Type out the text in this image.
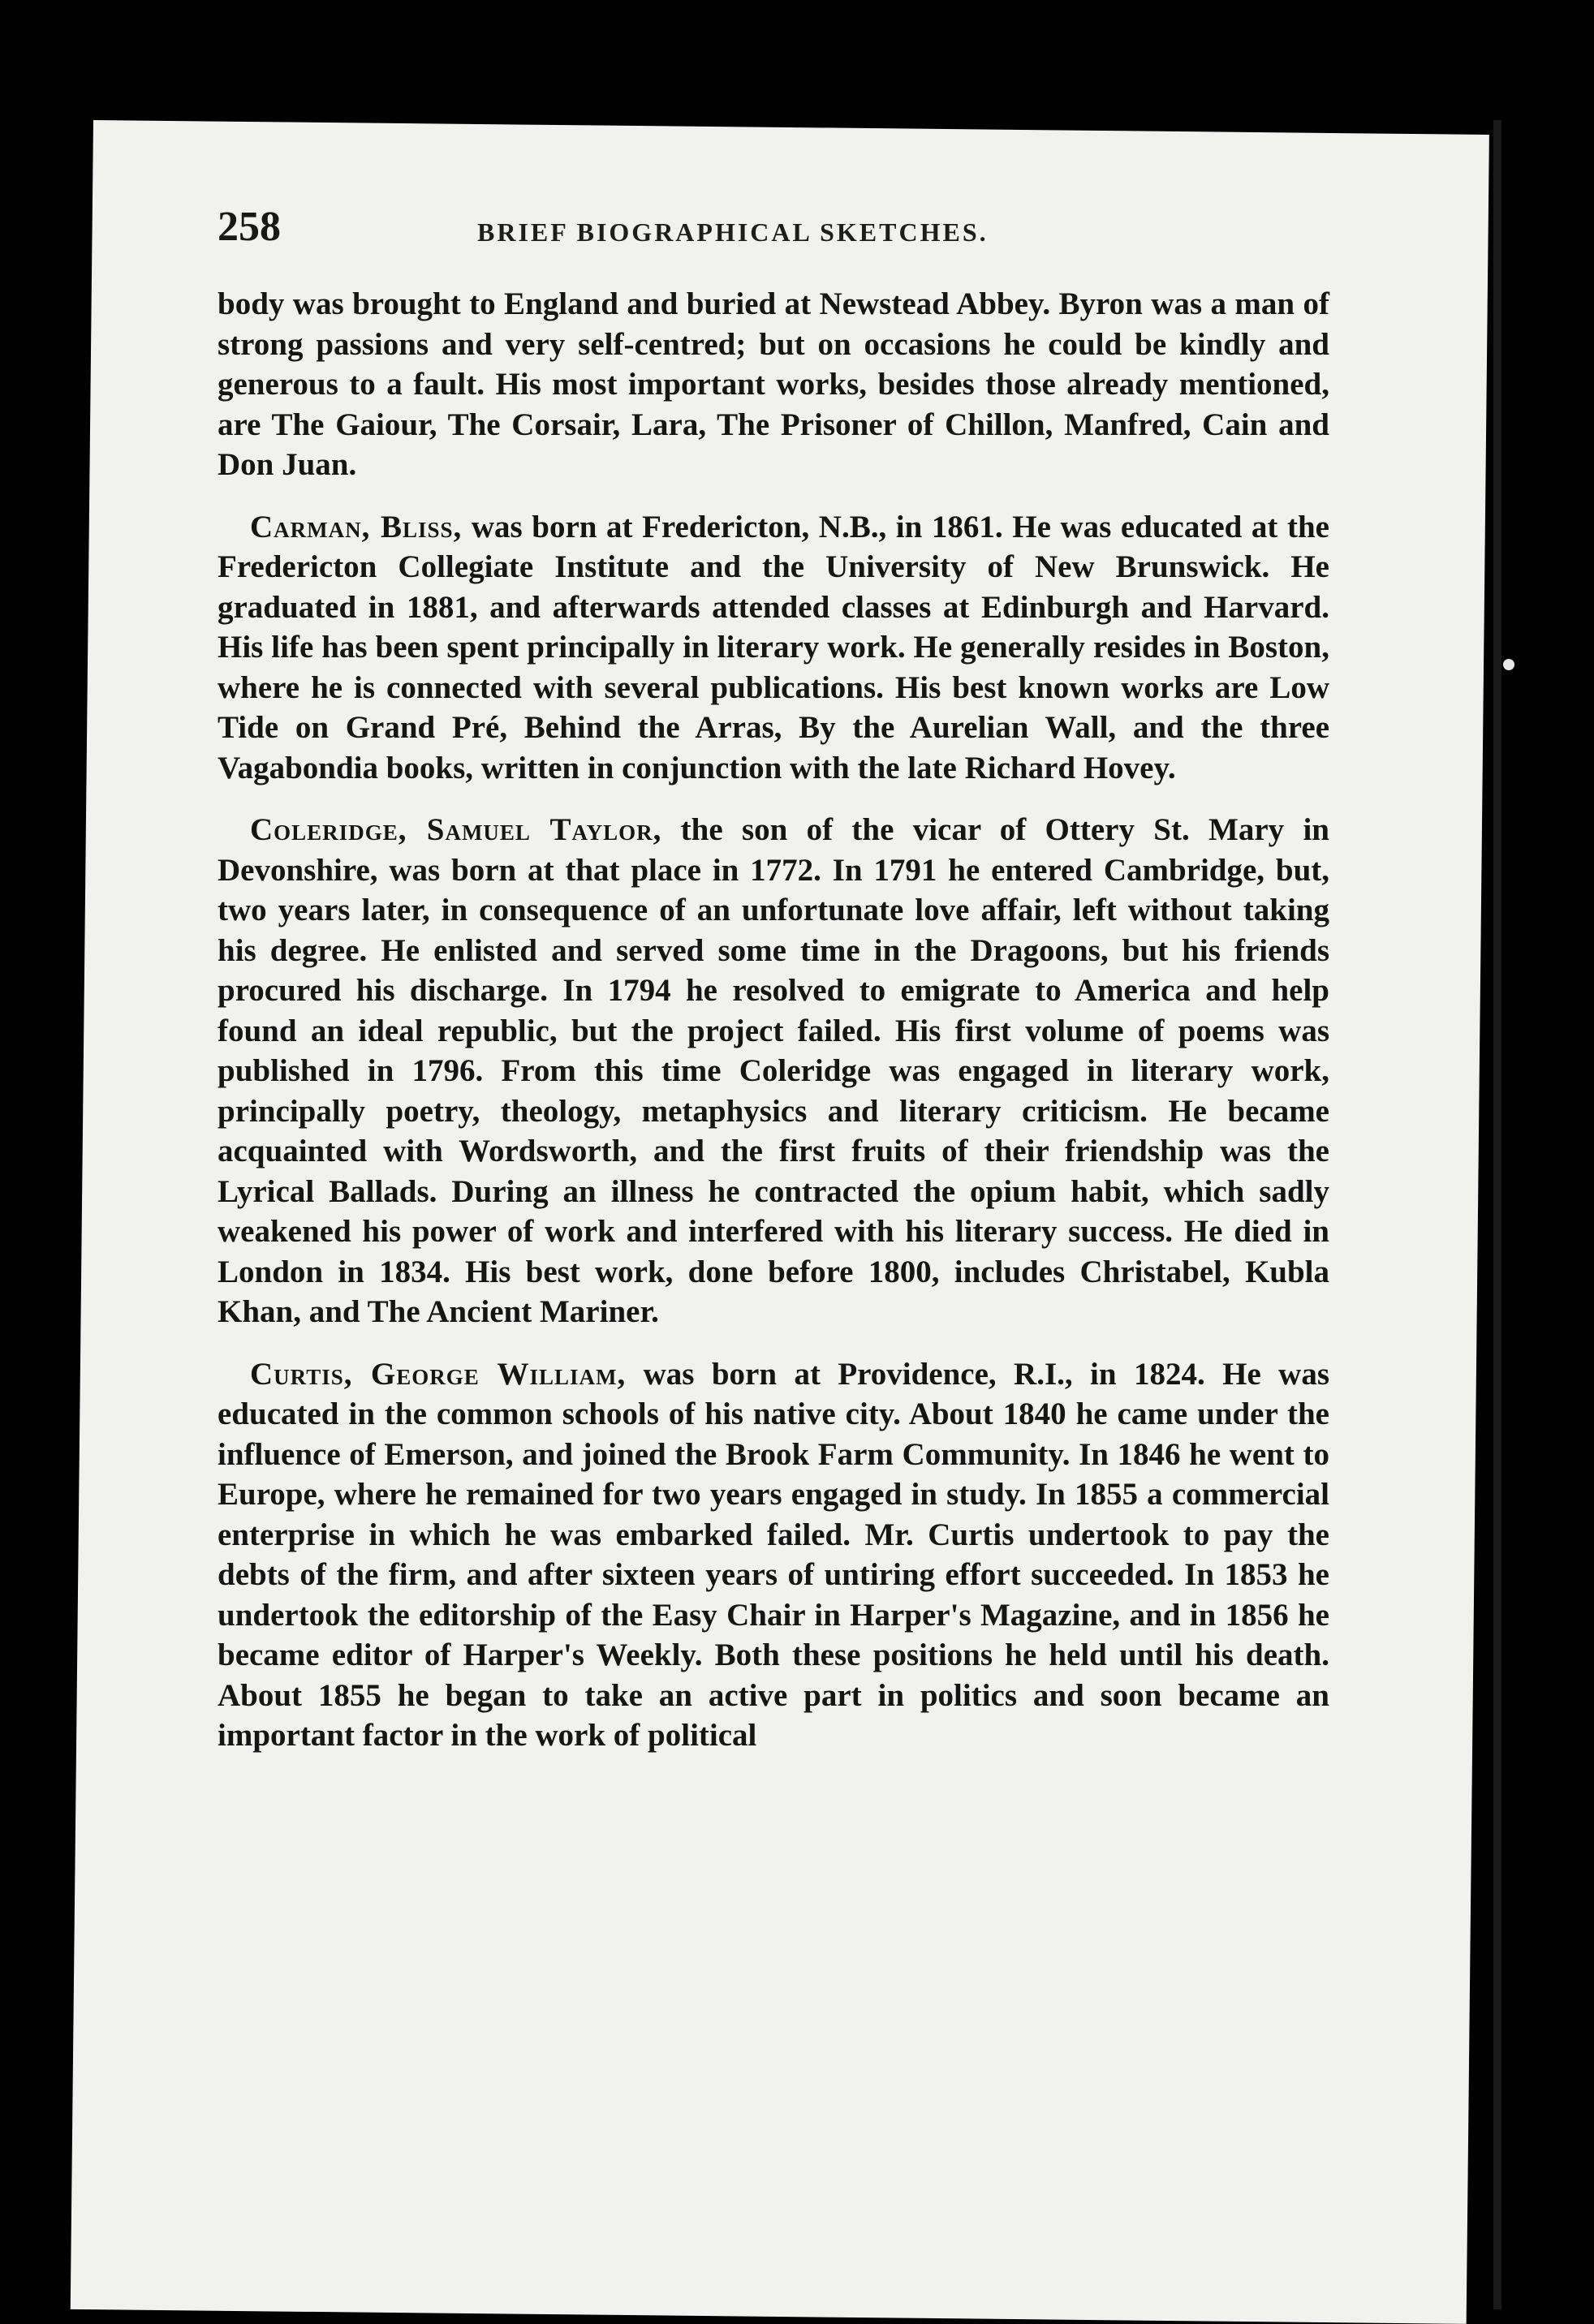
258	BRIEF BIOGRAPHICAL SKETCHES.

body was brought to England and buried at Newstead Abbey. Byron was a man of strong passions and very self-centred; but on occasions he could be kindly and generous to a fault. His most important works, besides those already mentioned, are The Gaiour, The Corsair, Lara, The Prisoner of Chillon, Manfred, Cain and Don Juan.

Carman, Bliss, was born at Fredericton, N.B., in 1861. He was educated at the Fredericton Collegiate Institute and the University of New Brunswick. He graduated in 1881, and afterwards attended classes at Edinburgh and Harvard. His life has been spent principally in literary work. He generally resides in Boston, where he is connected with several publications. His best known works are Low Tide on Grand Pré, Behind the Arras, By the Aurelian Wall, and the three Vagabondia books, written in conjunction with the late Richard Hovey.

Coleridge, Samuel Taylor, the son of the vicar of Ottery St. Mary in Devonshire, was born at that place in 1772. In 1791 he entered Cambridge, but, two years later, in consequence of an unfortunate love affair, left without taking his degree. He enlisted and served some time in the Dragoons, but his friends procured his discharge. In 1794 he resolved to emigrate to America and help found an ideal republic, but the project failed. His first volume of poems was published in 1796. From this time Coleridge was engaged in literary work, principally poetry, theology, metaphysics and literary criticism. He became acquainted with Wordsworth, and the first fruits of their friendship was the Lyrical Ballads. During an illness he contracted the opium habit, which sadly weakened his power of work and interfered with his literary success. He died in London in 1834. His best work, done before 1800, includes Christabel, Kubla Khan, and The Ancient Mariner.

Curtis, George William, was born at Providence, R.I., in 1824. He was educated in the common schools of his native city. About 1840 he came under the influence of Emerson, and joined the Brook Farm Community. In 1846 he went to Europe, where he remained for two years engaged in study. In 1855 a commercial enterprise in which he was embarked failed. Mr. Curtis undertook to pay the debts of the firm, and after sixteen years of untiring effort succeeded. In 1853 he undertook the editorship of the Easy Chair in Harper's Magazine, and in 1856 he became editor of Harper's Weekly. Both these positions he held until his death. About 1855 he began to take an active part in politics and soon became an important factor in the work of political
